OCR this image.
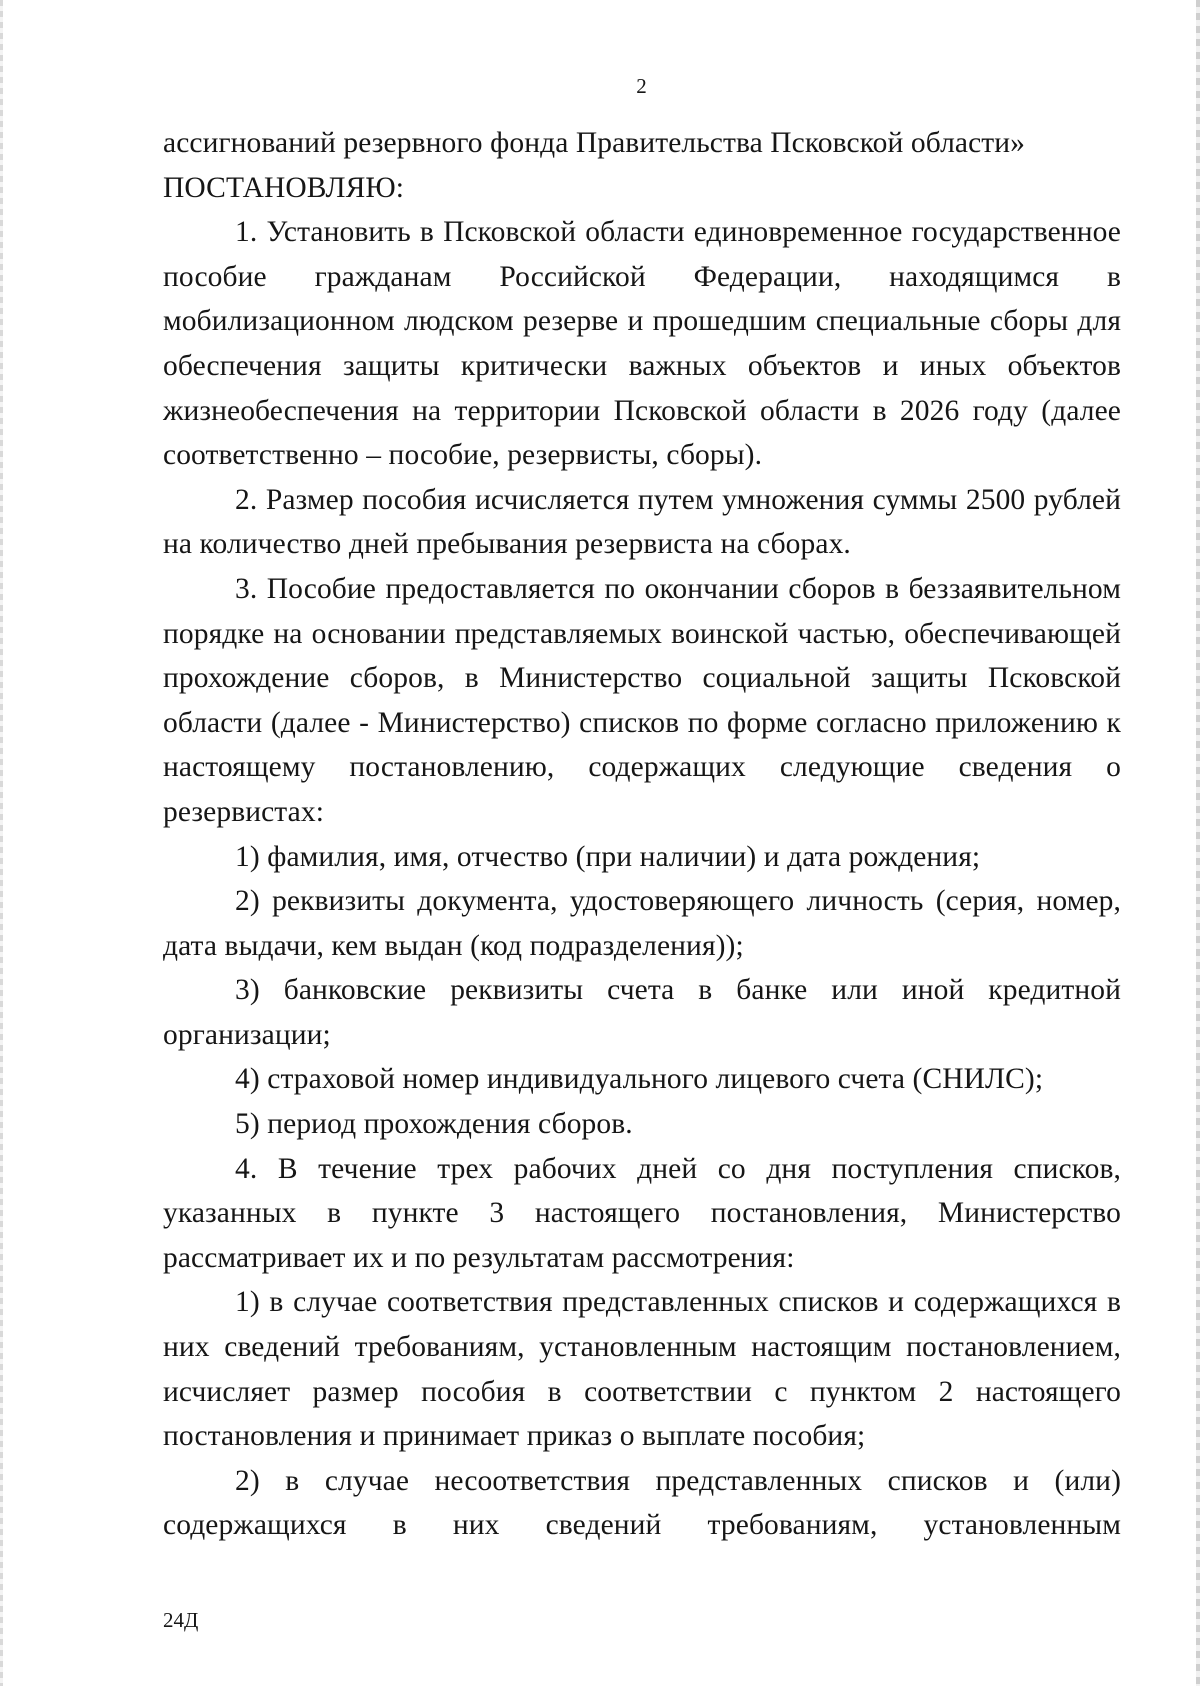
2

ассигнований резервного фонда Правительства Псковской области»

ПОСТАНОВЛЯЮ:

1. Установить в Псковской области единовременное государственное пособие гражданам Российской Федерации, находящимся в мобилизационном людском резерве и прошедшим специальные сборы для обеспечения защиты критически важных объектов и иных объектов жизнеобеспечения на территории Псковской области в 2026 году (далее соответственно – пособие, резервисты, сборы).

2. Размер пособия исчисляется путем умножения суммы 2500 рублей на количество дней пребывания резервиста на сборах.

3. Пособие предоставляется по окончании сборов в беззаявительном порядке на основании представляемых воинской частью, обеспечивающей прохождение сборов, в Министерство социальной защиты Псковской области (далее - Министерство) списков по форме согласно приложению к настоящему постановлению, содержащих следующие сведения о резервистах:

1) фамилия, имя, отчество (при наличии) и дата рождения;

2) реквизиты документа, удостоверяющего личность (серия, номер, дата выдачи, кем выдан (код подразделения));

3) банковские реквизиты счета в банке или иной кредитной организации;

4) страховой номер индивидуального лицевого счета (СНИЛС);

5) период прохождения сборов.

4. В течение трех рабочих дней со дня поступления списков, указанных в пункте 3 настоящего постановления, Министерство рассматривает их и по результатам рассмотрения:

1) в случае соответствия представленных списков и содержащихся в них сведений требованиям, установленным настоящим постановлением, исчисляет размер пособия в соответствии с пунктом 2 настоящего постановления и принимает приказ о выплате пособия;

2) в случае несоответствия представленных списков и (или) содержащихся в них сведений требованиям, установленным

24Д
